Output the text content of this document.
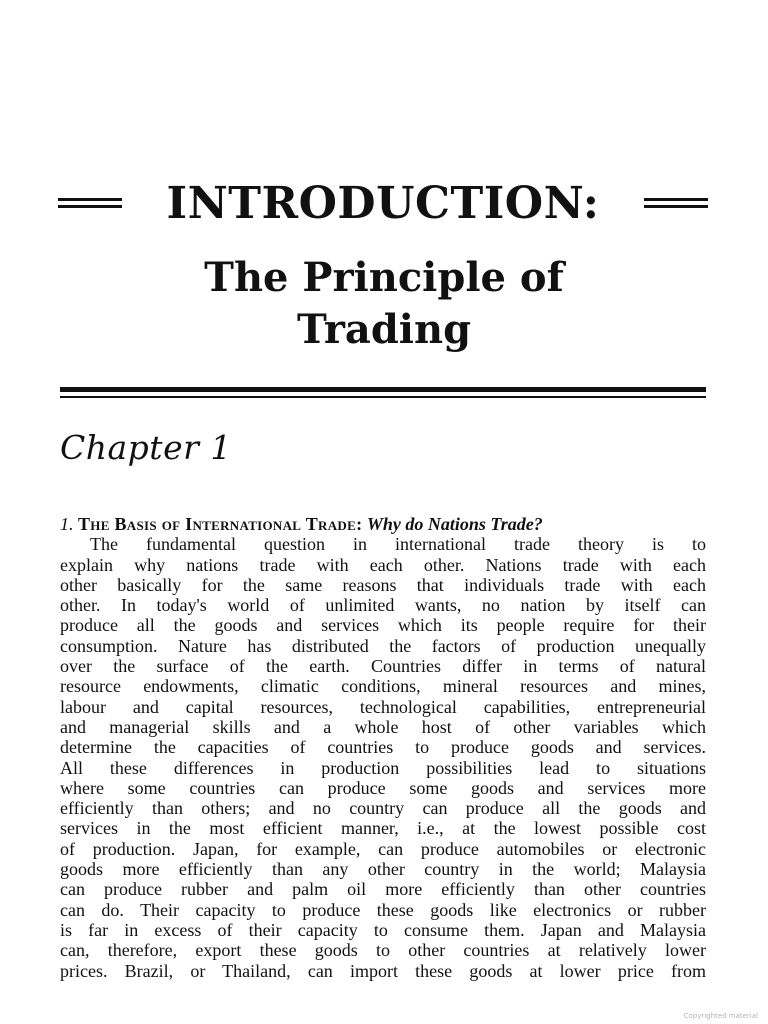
INTRODUCTION:
The Principle of
Trading
Chapter 1

1. The Basis of International Trade: Why do Nations Trade?

The fundamental question in international trade theory is to
explain why nations trade with each other. Nations trade with each
other basically for the same reasons that individuals trade with each
other. In today's world of unlimited wants, no nation by itself can
produce all the goods and services which its people require for their
consumption. Nature has distributed the factors of production unequally
over the surface of the earth. Countries differ in terms of natural
resource endowments, climatic conditions, mineral resources and mines,
labour and capital resources, technological capabilities, entrepreneurial
and managerial skills and a whole host of other variables which
determine the capacities of countries to produce goods and services.
All these differences in production possibilities lead to situations
where some countries can produce some goods and services more
efficiently than others; and no country can produce all the goods and
services in the most efficient manner, i.e., at the lowest possible cost
of production. Japan, for example, can produce automobiles or electronic
goods more efficiently than any other country in the world; Malaysia
can produce rubber and palm oil more efficiently than other countries
can do. Their capacity to produce these goods like electronics or rubber
is far in excess of their capacity to consume them. Japan and Malaysia
can, therefore, export these goods to other countries at relatively lower
prices. Brazil, or Thailand, can import these goods at lower price from
Copyrighted material
